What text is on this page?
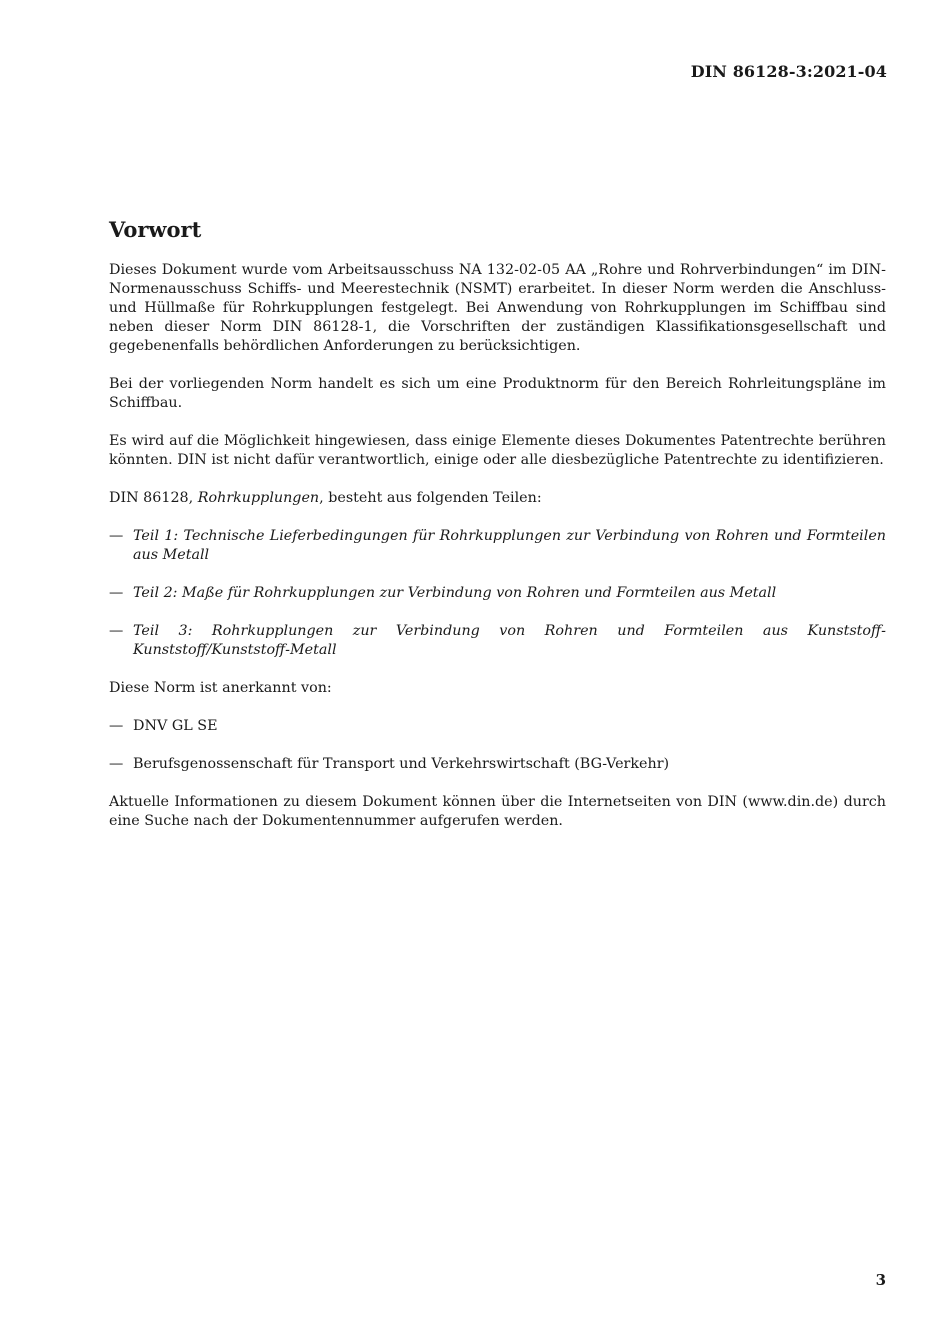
DIN 86128-3:2021-04
Vorwort

Dieses Dokument wurde vom Arbeitsausschuss NA 132-02-05 AA „Rohre und Rohrverbindungen“ im DIN-Normenausschuss Schiffs- und Meerestechnik (NSMT) erarbeitet. In dieser Norm werden die Anschluss- und Hüllmaße für Rohrkupplungen festgelegt. Bei Anwendung von Rohrkupplungen im Schiffbau sind neben dieser Norm DIN 86128-1, die Vorschriften der zuständigen Klassifikationsgesellschaft und gegebenenfalls behördlichen Anforderungen zu berücksichtigen.

Bei der vorliegenden Norm handelt es sich um eine Produktnorm für den Bereich Rohrleitungspläne im Schiffbau.

Es wird auf die Möglichkeit hingewiesen, dass einige Elemente dieses Dokumentes Patentrechte berühren könnten. DIN ist nicht dafür verantwortlich, einige oder alle diesbezügliche Patentrechte zu identifizieren.

DIN 86128, Rohrkupplungen, besteht aus folgenden Teilen:

— Teil 1: Technische Lieferbedingungen für Rohrkupplungen zur Verbindung von Rohren und Formteilen aus Metall
— Teil 2: Maße für Rohrkupplungen zur Verbindung von Rohren und Formteilen aus Metall
— Teil 3: Rohrkupplungen zur Verbindung von Rohren und Formteilen aus Kunststoff-Kunststoff/Kunststoff-Metall

Diese Norm ist anerkannt von:

— DNV GL SE
— Berufsgenossenschaft für Transport und Verkehrswirtschaft (BG-Verkehr)

Aktuelle Informationen zu diesem Dokument können über die Internetseiten von DIN (www.din.de) durch eine Suche nach der Dokumentennummer aufgerufen werden.

3
